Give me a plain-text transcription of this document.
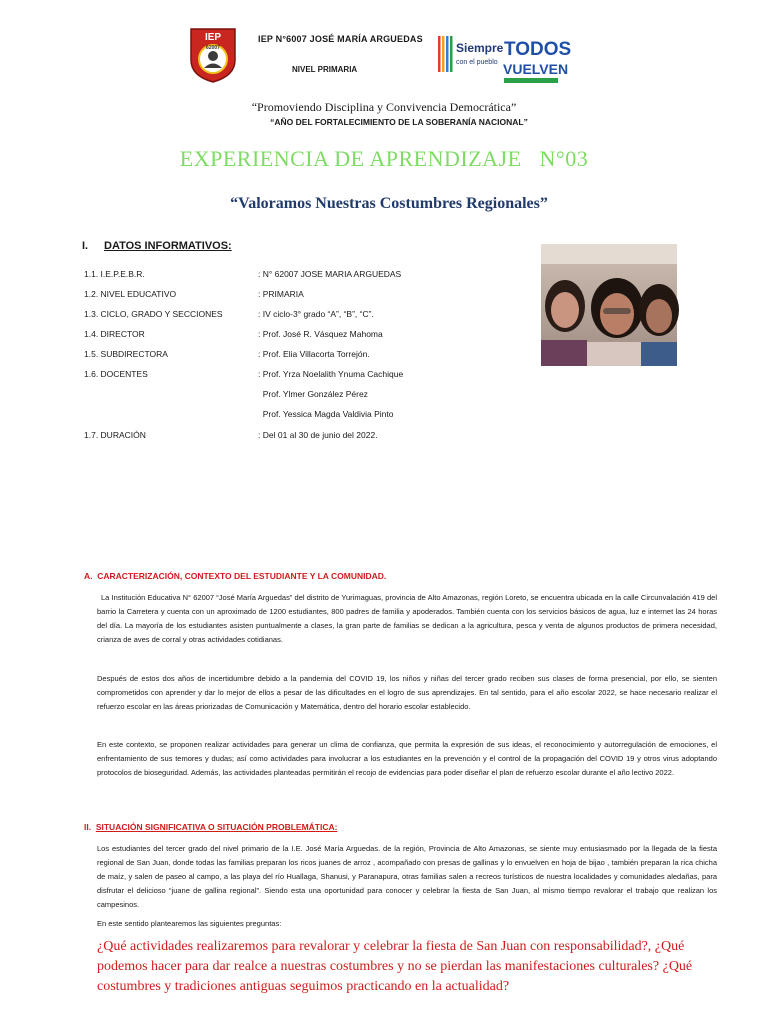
IEP
62007
IEP N°6007 JOSÉ MARÍA ARGUEDAS
NIVEL PRIMARIA
Siempre
con el pueblo
TODOS
VUELVEN
“Promoviendo Disciplina y Convivencia Democrática”
“AÑO DEL FORTALECIMIENTO DE LA SOBERANÍA NACIONAL”
EXPERIENCIA DE APRENDIZAJE   N°03
“Valoramos Nuestras Costumbres Regionales”
I. DATOS INFORMATIVOS:
1.1. I.E.P.E.B.R.	: N° 62007 JOSE MARIA ARGUEDAS
1.2. NIVEL EDUCATIVO	: PRIMARIA
1.3. CICLO, GRADO Y SECCIONES	: IV ciclo-3° grado “A”, “B”, “C”.
1.4. DIRECTOR	: Prof. José R. Vásquez Mahoma
1.5. SUBDIRECTORA	: Prof. Elia Villacorta Torrejón.
1.6. DOCENTES	: Prof. Yrza Noelalith Ynuma Cachique
Prof. Ylmer González Pérez
Prof. Yessica Magda Valdivia Pinto
1.7. DURACIÓN	: Del 01 al 30 de junio del 2022.
A.  CARACTERIZACIÓN, CONTEXTO DEL ESTUDIANTE Y LA COMUNIDAD.
La Institución Educativa N° 62007 “José María Arguedas” del distrito de Yurimaguas, provincia de Alto Amazonas, región Loreto, se encuentra ubicada en la calle Circunvalación 419 del barrio la Carretera y cuenta con un aproximado de 1200 estudiantes, 800 padres de familia y apoderados. También cuenta con los servicios básicos de agua, luz e internet las 24 horas del día. La mayoría de los estudiantes asisten puntualmente a clases, la gran parte de familias se dedican a la agricultura, pesca y venta de algunos productos de primera necesidad, crianza de aves de corral y otras actividades cotidianas.
Después de estos dos años de incertidumbre debido a la pandemia del COVID 19, los niños y niñas del tercer grado reciben sus clases de forma presencial, por ello, se sienten comprometidos con aprender y dar lo mejor de ellos a pesar de las dificultades en el logro de sus aprendizajes. En tal sentido, para el año escolar 2022, se hace necesario realizar el refuerzo escolar en las áreas priorizadas de Comunicación y Matemática, dentro del horario escolar establecido.
En este contexto, se proponen realizar actividades para generar un clima de confianza, que permita la expresión de sus ideas, el reconocimiento y autorregulación de emociones, el enfrentamiento de sus temores y dudas; así como actividades para involucrar a los estudiantes en la prevención y el control de la propagación del COVID 19 y otros virus adoptando protocolos de bioseguridad. Además, las actividades planteadas permitirán el recojo de evidencias para poder diseñar el plan de refuerzo escolar durante el año lectivo 2022.
II. SITUACIÓN SIGNIFICATIVA O SITUACIÓN PROBLEMÁTICA:
Los estudiantes del tercer grado del nivel primario de la I.E. José María Arguedas. de la región, Provincia de Alto Amazonas, se siente muy entusiasmado por la llegada de la fiesta regional de San Juan, donde todas las familias preparan los ricos juanes de arroz , acompañado con presas de gallinas y lo envuelven en hoja de bijao , también preparan la rica chicha de maíz, y salen de paseo al campo, a las playa del río Huallaga, Shanusi, y Paranapura, otras familias salen a recreos turísticos de nuestra localidades y comunidades aledañas, para disfrutar el delicioso “juane de gallina regional”. Siendo esta una oportunidad para conocer y celebrar la fiesta de San Juan, al mismo tiempo revalorar el trabajo que realizan los campesinos.
En este sentido plantearemos las siguientes preguntas:
¿Qué actividades realizaremos para revalorar y celebrar la fiesta de San Juan con responsabilidad?, ¿Qué podemos hacer para dar realce a nuestras costumbres y no se pierdan las manifestaciones culturales? ¿Qué costumbres y tradiciones antiguas seguimos practicando en la actualidad?
